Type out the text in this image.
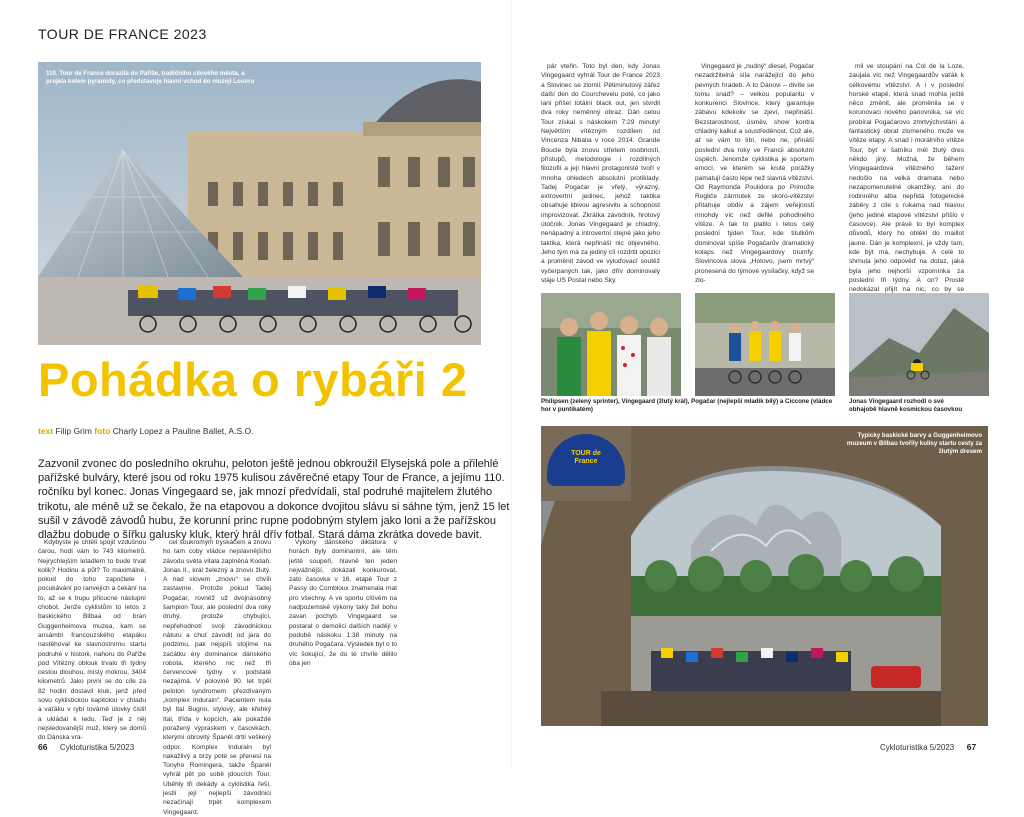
TOUR DE FRANCE 2023
110. Tour de France dorazila do Paříže, tradičního cílového města, a projela kolem pyramidy, co představuje hlavní vchod do muzejí Louvru
Pohádka o rybáři 2
text Filip Grim foto Charly Lopez a Pauline Ballet, A.S.O.
Zazvonil zvonec do posledního okruhu, peloton ještě jednou obkroužil Elysejská pole a přilehlé pařížské bulváry, které jsou od roku 1975 kulisou závěrečné etapy Tour de France, a jejímu 110. ročníku byl konec. Jonas Vingegaard se, jak mnozí předvídali, stal podruhé majitelem žlutého trikotu, ale méně už se čekalo, že na etapovou a dokonce dvojitou slávu si sáhne tým, jenž 15 let sušil v závodě závodů hubu, že korunní princ rupne podobným stylem jako loni a že pařížskou dlažbu dobude o šířku galusky kluk, který hrál dřív fotbal. Stará dáma zkrátka dovede bavit.

Kdybyste je chtěli spojit vzdušnou čarou, hodí vám to 743 kilometrů. Nejrychlejším letadlem to bude trvat kolik? Hodinu a půl? To maximálně, pokud do toho započtete i pocukávání po ranvejích a čekání na to, až se k trupu přicucne nástupní chobot. Jenže cyklistům to letos z baskického Bilbaa od bran Guggenheimova muzea, kam se ansámbl francouzského etapáku nastěhoval ke slavnostnímu startu podruhé v historii, nahoru do Paříže pod Vítězný oblouk trvalo tři týdny cestou dlouhou, místy mokrou, 3404 kilometrů. Jako první se do cíle za 82 hodin dostavil kluk, jenž před sovu cyklistickou kapitolou v chladu a vaťáku v rybí továrně úlovky čistil a ukládal k ledu. Teď je z něj nejsledovanější muž, který se domů do Dánska vra-

cel soukromým tryskáčem a znovu ho tam coby vládce nejslavnějšího závodu světa vítala zaplněná Kodaň. Jonas II., král železný a znovu žlutý. A nad slovem „znovu“ se chvíli zastavme. Protože pokud Tadej Pogačar, rovněž už dvojnásobný šampion Tour, ale poslední dva roky druhý, protože chybující, nepřehodnotí svoji závodnickou náturu a chuť závodit od jara do podzimu, pak nejspíš stojíme na začátku éry dominance dánského robota, kterého nic než tři červencové týdny v podstatě nezajímá. V polovině 90. let trpěl peloton syndromem přezdívaným „komplex Indurain“. Pacientem nula byl Ital Bugno, stylový, ale křehký Ital, třída v kopcích, ale pokaždé poražený výpraskem v časovkách, kterými obrovitý Španěl drtil veškerý odpor. Komplex Indurain byl nakažlivý a brzy poté se přenesl na Tonyho Romingera, takže Španěl vyhrál pět po sobě jdoucích Tour. Uběhly tři dekády a cyklistika řeší, jestli její nejlepší závodnici nezačínají trpět komplexem Vingegaard.

Výkony dánského diktátora v horách byly dominantní, ale těm ještě soupeři, hlavně ten jeden nejvážnější, dokázali konkurovat, zato časovka v 16. etapě Tour z Passy do Combloux znamenala mat pro všechny. A ve sportu cítívém na nadpozemské výkony taky žel bohu zavan pochyb. Vingegaard se postaral o demolici dalších nadějí v podobě náskoku 1:38 minuty na druhého Pogačara. Výsledek byl o to víc šokující, že do té chvíle dělilo oba jen

66 Cykloturistika 5/2023

pár vteřin. Toto byl den, kdy Jonas Vingegaard vyhrál Tour de France 2023 a Slovinec se zlomil. Pětiminutový zářez další den do Courchevelu poté, co jako lani přišel totální black out, jen stvrdil dva roky neměnný obraz. Dán celou Tour získal s náskokem 7:29 minuty! Největším vítězným rozdílem od Vincenza Nibalia v roce 2014. Grande Boucle byla znovu střetem osobností, přístupů, metodologie i rozdílných filozofií a její hlavní protagonisté tvoří v mnoha ohledech absolutní protiklady. Tadej Pogačar je vřelý, výrazný, extrovertní jedinec, jehož taktika obsahuje libivou agresivitu a schopnost improvizovat. Zkrátka závodník, hrotový útočník. Jonas Vingegaard je chladný, nenápadný a introvertní stejně jako jeho taktika, která nepřináší nic objevného. Jeho tým má za jediný cíl rozdrtit opozici a proměnit závod ve vyluďovací soutěž vyčerpaných tak, jako dřív dominovaly stáje US Postal nebo Sky.

Vingegaard je „nudný“ diesel, Pogačar nezadržitelná síla narážející do jeho pevných hradeb. A to Dánovi – divíte se tomu snad? – velkou popularitu v konkurenci Slovince, který garantuje zábavu kdekoliv se zjeví, nepřináší. Bezstarostnost, úsměv, show kontra chladný kalkul a soustředěnost. Což ale, ať se vám to líbí, nebo ne, přináší poslední dva roky ve Francii absolutní úspěch. Jenomže cyklistika je sportem emocí, ve kterém se kruté porážky pamatují často lépe než slavná vítězství. Od Raymonda Poulidora po Primože Rogliče zármutek ze skoro-vítězství přitahuje obdiv a zájem veřejnosti mnohdy víc než defilé pohodlného vítěze. A tak to platilo i letos celý poslední týden Tour, kde titulkům dominoval spíše Pogačarův dramatický kolaps než Vingegaardovy triumfy. Slovincova slova „Hotovo, jsem mrtvý“ pronesená do týmové vysílačky, když se zlo-

mil ve stoupání na Col de la Loze, zaujala víc než Vingegaardův vaťák k celkovému vítězství. A i v poslední horské etapě, která snad mohla ještě něco změnit, ale proměnila se v korunovaci nového panovníka, se víc probíral Pogačarovo zmrtvýchvstání a fantastický obrat zlomeného muže ve vítěze etapy. A snad i morálního vítěze Tour, byť v šatníku měl žlutý dres někdo jiný. Možná, že během Vingegaardova vítězného tažení nedošlo na velká dramata nebo nezapomenutelné okamžiky, ani do rodinného alba nepřidá fotogenické záběry z cíle s rukama nad hlavou (jeho jediné etapové vítězství přišlo v časovce). Ale právě to byl komplex důvodů, který ho oblékl do maillot jaune. Dán je komplexní, je vždy tam, kde být má, nechybuje. A celé to shrnula jeho odpověď na dotaz, jaká byla jeho nejhorší vzpomínka za poslední tři týdny. A on? Prostě nedokázal přijít na nic, co by se

Philipsen (zelený sprinter), Vingegaard (žlutý král), Pogačar (nejlepší mladík bílý) a Ciccone (vládce hor v puntíkatém)
Jonas Vingegaard rozhodl o své obhajobě hlavně kosmickou časovkou
TOUR de France
Typicky baskické barvy a Guggenheimovo muzeum v Bilbau tvořily kulisy startu cesty za žlutým dresem
Cykloturistika 5/2023 67
